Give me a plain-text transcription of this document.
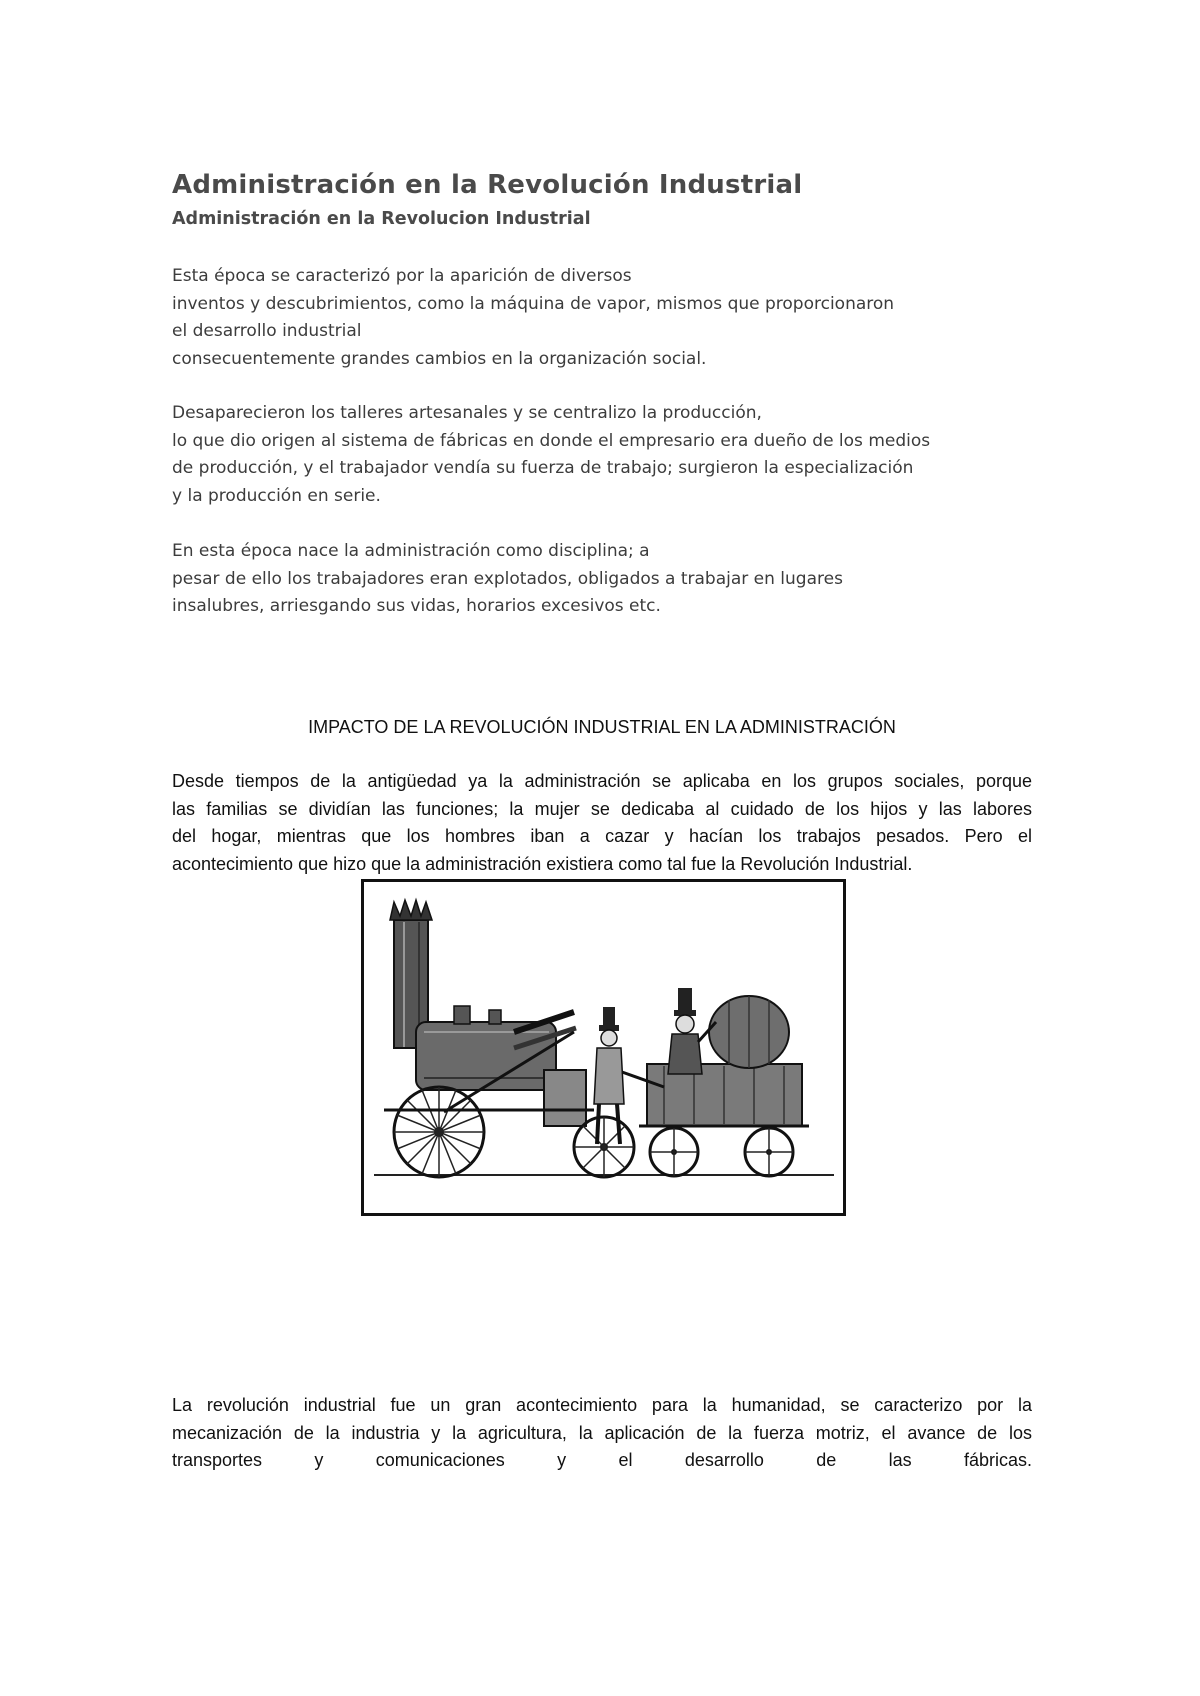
Administración en la Revolución Industrial
Administración en la Revolucion Industrial
Esta época se caracterizó por la aparición de diversos
inventos y descubrimientos, como la máquina de vapor, mismos que proporcionaron
el desarrollo industrial
consecuentemente grandes cambios en la organización social.
Desaparecieron los talleres artesanales y se centralizo la producción,
lo que dio origen al sistema de fábricas en donde el empresario era dueño de los medios
de producción, y el trabajador vendía su fuerza de trabajo; surgieron la especialización
y la producción en serie.
En esta época nace la administración como disciplina; a
pesar de ello los trabajadores eran explotados, obligados a trabajar en lugares
insalubres, arriesgando sus vidas, horarios excesivos etc.
IMPACTO DE LA REVOLUCIÓN INDUSTRIAL EN LA ADMINISTRACIÓN
Desde tiempos de la antigüedad ya la administración se aplicaba en los grupos sociales, porque
las familias se dividían las funciones; la mujer se dedicaba al cuidado de los hijos y las labores
del hogar, mientras que los hombres iban a cazar y hacían los trabajos pesados. Pero el
acontecimiento que hizo que la administración existiera como tal fue la Revolución Industrial.
La revolución industrial fue un gran acontecimiento para la humanidad, se caracterizo por la
mecanización de la industria y la agricultura, la aplicación de la fuerza motriz, el avance de los
transportes y comunicaciones y el desarrollo de las fábricas.
